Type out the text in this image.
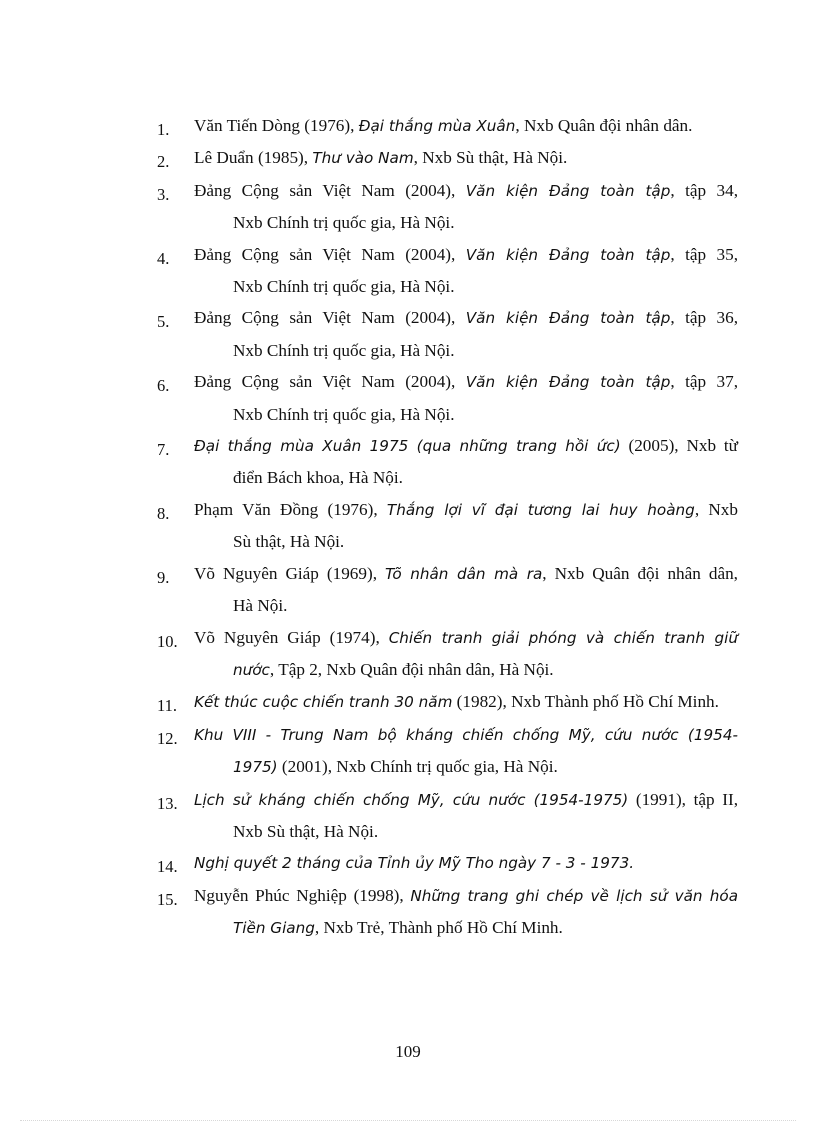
1. Văn Tiến Dòng (1976), Đại thắng mùa Xuân, Nxb Quân đội nhân dân.
2. Lê Duẩn (1985), Thư vào Nam, Nxb Sù thật, Hà Nội.
3. Đảng Cộng sản Việt Nam (2004), Văn kiện Đảng toàn tập, tập 34,
Nxb Chính trị quốc gia, Hà Nội.
4. Đảng Cộng sản Việt Nam (2004), Văn kiện Đảng toàn tập, tập 35,
Nxb Chính trị quốc gia, Hà Nội.
5. Đảng Cộng sản Việt Nam (2004), Văn kiện Đảng toàn tập, tập 36,
Nxb Chính trị quốc gia, Hà Nội.
6. Đảng Cộng sản Việt Nam (2004), Văn kiện Đảng toàn tập, tập 37,
Nxb Chính trị quốc gia, Hà Nội.
7. Đại thắng mùa Xuân 1975 (qua những trang hồi ức) (2005), Nxb từ
điển Bách khoa, Hà Nội.
8. Phạm Văn Đồng (1976), Thắng lợi vĩ đại tương lai huy hoàng, Nxb
Sù thật, Hà Nội.
9. Võ Nguyên Giáp (1969), Tõ nhân dân mà ra, Nxb Quân đội nhân dân,
Hà Nội.
10. Võ Nguyên Giáp (1974), Chiến tranh giải phóng và chiến tranh giữ
nước, Tập 2, Nxb Quân đội nhân dân, Hà Nội.
11. Kết thúc cuộc chiến tranh 30 năm (1982), Nxb Thành phố Hồ Chí Minh.
12. Khu VIII - Trung Nam bộ kháng chiến chống Mỹ, cứu nước (1954-
1975) (2001), Nxb Chính trị quốc gia, Hà Nội.
13. Lịch sử kháng chiến chống Mỹ, cứu nước (1954-1975) (1991), tập II,
Nxb Sù thật, Hà Nội.
14. Nghị quyết 2 tháng của Tỉnh ủy Mỹ Tho ngày 7 - 3 - 1973.
15. Nguyễn Phúc Nghiệp (1998), Những trang ghi chép về lịch sử văn hóa
Tiền Giang, Nxb Trẻ, Thành phố Hồ Chí Minh.
109
